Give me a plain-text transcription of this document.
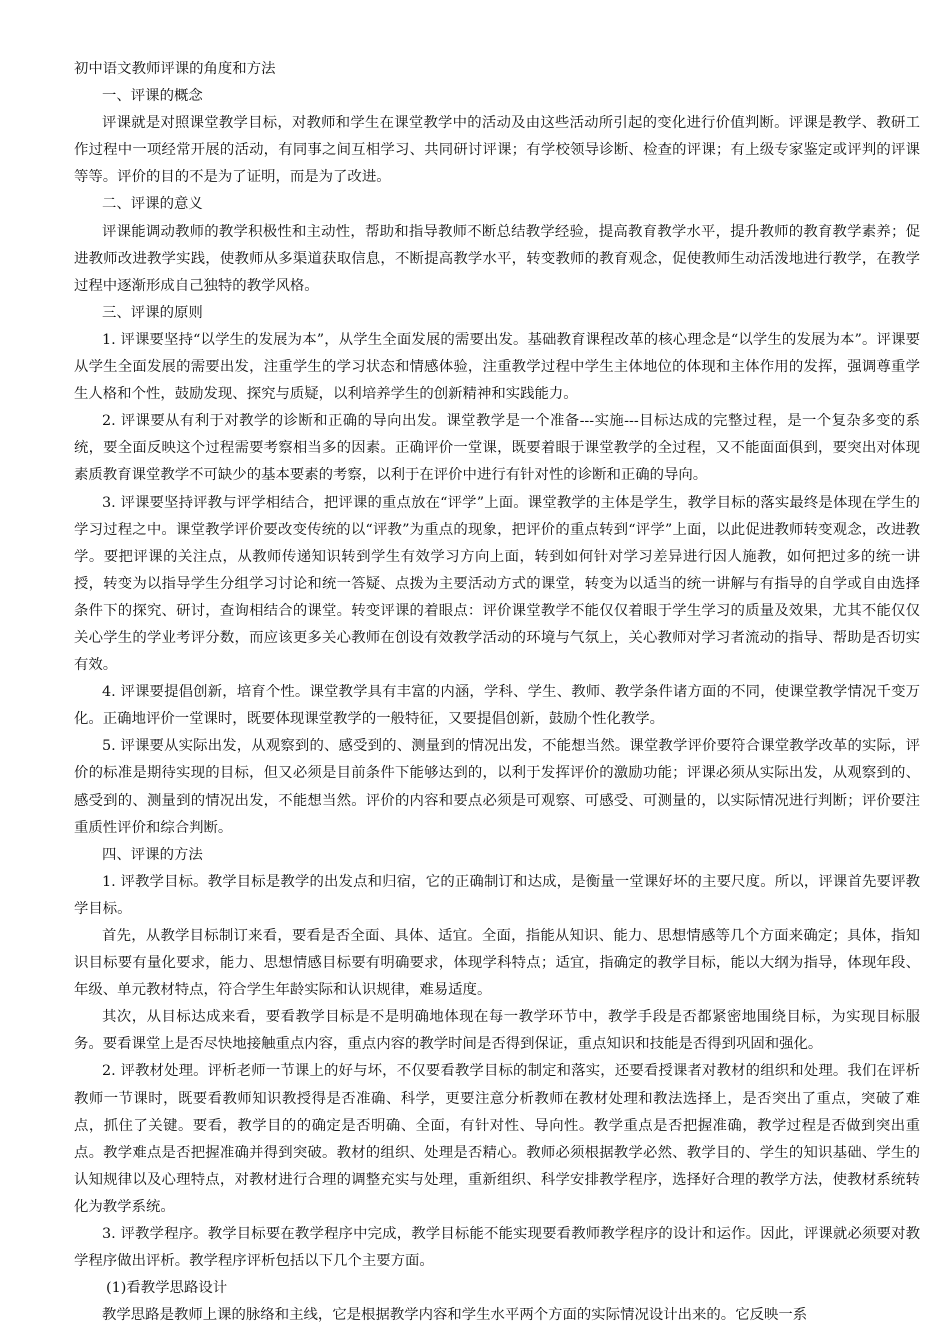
初中语文教师评课的角度和方法

一、评课的概念

评课就是对照课堂教学目标，对教师和学生在课堂教学中的活动及由这些活动所引起的变化进行价值判断。评课是教学、教研工作过程中一项经常开展的活动，有同事之间互相学习、共同研讨评课；有学校领导诊断、检查的评课；有上级专家鉴定或评判的评课等等。评价的目的不是为了证明，而是为了改进。

二、评课的意义

评课能调动教师的教学积极性和主动性，帮助和指导教师不断总结教学经验，提高教育教学水平，提升教师的教育教学素养；促进教师改进教学实践，使教师从多渠道获取信息，不断提高教学水平，转变教师的教育观念，促使教师生动活泼地进行教学，在教学过程中逐渐形成自己独特的教学风格。

三、评课的原则

1. 评课要坚持“以学生的发展为本”，从学生全面发展的需要出发。基础教育课程改革的核心理念是“以学生的发展为本”。评课要从学生全面发展的需要出发，注重学生的学习状态和情感体验，注重教学过程中学生主体地位的体现和主体作用的发挥，强调尊重学生人格和个性，鼓励发现、探究与质疑，以利培养学生的创新精神和实践能力。

2. 评课要从有利于对教学的诊断和正确的导向出发。课堂教学是一个准备---实施---目标达成的完整过程，是一个复杂多变的系统，要全面反映这个过程需要考察相当多的因素。正确评价一堂课，既要着眼于课堂教学的全过程，又不能面面俱到，要突出对体现素质教育课堂教学不可缺少的基本要素的考察，以利于在评价中进行有针对性的诊断和正确的导向。

3. 评课要坚持评教与评学相结合，把评课的重点放在“评学”上面。课堂教学的主体是学生，教学目标的落实最终是体现在学生的学习过程之中。课堂教学评价要改变传统的以“评教”为重点的现象，把评价的重点转到“评学”上面，以此促进教师转变观念，改进教学。要把评课的关注点，从教师传递知识转到学生有效学习方向上面，转到如何针对学习差异进行因人施教，如何把过多的统一讲授，转变为以指导学生分组学习讨论和统一答疑、点拨为主要活动方式的课堂，转变为以适当的统一讲解与有指导的自学或自由选择条件下的探究、研讨，查询相结合的课堂。转变评课的着眼点：评价课堂教学不能仅仅着眼于学生学习的质量及效果，尤其不能仅仅关心学生的学业考评分数，而应该更多关心教师在创设有效教学活动的环境与气氛上，关心教师对学习者流动的指导、帮助是否切实有效。

4. 评课要提倡创新，培育个性。课堂教学具有丰富的内涵，学科、学生、教师、教学条件诸方面的不同，使课堂教学情况千变万化。正确地评价一堂课时，既要体现课堂教学的一般特征，又要提倡创新，鼓励个性化教学。

5. 评课要从实际出发，从观察到的、感受到的、测量到的情况出发，不能想当然。课堂教学评价要符合课堂教学改革的实际，评价的标准是期待实现的目标，但又必须是目前条件下能够达到的，以利于发挥评价的激励功能；评课必须从实际出发，从观察到的、感受到的、测量到的情况出发，不能想当然。评价的内容和要点必须是可观察、可感受、可测量的，以实际情况进行判断；评价要注重质性评价和综合判断。

四、评课的方法

1. 评教学目标。教学目标是教学的出发点和归宿，它的正确制订和达成，是衡量一堂课好坏的主要尺度。所以，评课首先要评教学目标。

首先，从教学目标制订来看，要看是否全面、具体、适宜。全面，指能从知识、能力、思想情感等几个方面来确定；具体，指知识目标要有量化要求，能力、思想情感目标要有明确要求，体现学科特点；适宜，指确定的教学目标，能以大纲为指导，体现年段、年级、单元教材特点，符合学生年龄实际和认识规律，难易适度。

其次，从目标达成来看，要看教学目标是不是明确地体现在每一教学环节中，教学手段是否都紧密地围绕目标，为实现目标服务。要看课堂上是否尽快地接触重点内容，重点内容的教学时间是否得到保证，重点知识和技能是否得到巩固和强化。

2. 评教材处理。评析老师一节课上的好与坏，不仅要看教学目标的制定和落实，还要看授课者对教材的组织和处理。我们在评析教师一节课时，既要看教师知识教授得是否准确、科学，更要注意分析教师在教材处理和教法选择上，是否突出了重点，突破了难点，抓住了关键。要看，教学目的的确定是否明确、全面，有针对性、导向性。教学重点是否把握准确，教学过程是否做到突出重点。教学难点是否把握准确并得到突破。教材的组织、处理是否精心。教师必须根据教学必然、教学目的、学生的知识基础、学生的认知规律以及心理特点，对教材进行合理的调整充实与处理，重新组织、科学安排教学程序，选择好合理的教学方法，使教材系统转化为教学系统。

3. 评教学程序。教学目标要在教学程序中完成，教学目标能不能实现要看教师教学程序的设计和运作。因此，评课就必须要对教学程序做出评析。教学程序评析包括以下几个主要方面。

(1)看教学思路设计

教学思路是教师上课的脉络和主线，它是根据教学内容和学生水平两个方面的实际情况设计出来的。它反映一系
